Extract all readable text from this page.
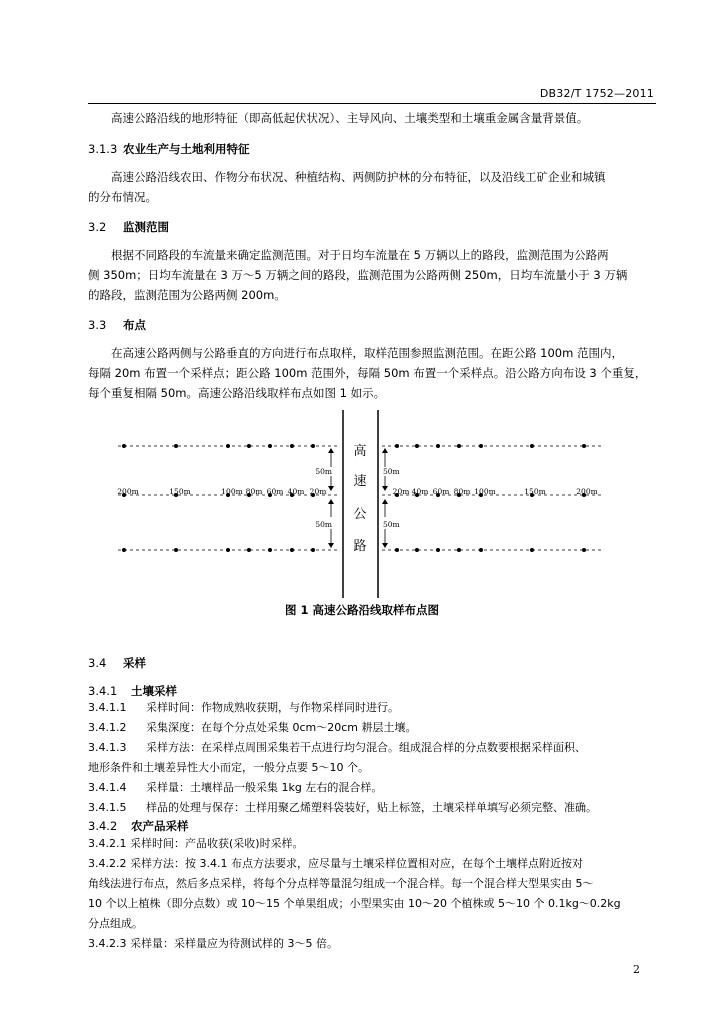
DB32/T 1752—2011
高速公路沿线的地形特征（即高低起伏状况）、主导风向、土壤类型和土壤重金属含量背景值。
3.1.3 农业生产与土地利用特征
高速公路沿线农田、作物分布状况、种植结构、两侧防护林的分布特征，以及沿线工矿企业和城镇
的分布情况。
3.2 监测范围
根据不同路段的车流量来确定监测范围。对于日均车流量在 5 万辆以上的路段，监测范围为公路两
侧 350m；日均车流量在 3 万～5 万辆之间的路段，监测范围为公路两侧 250m，日均车流量小于 3 万辆
的路段，监测范围为公路两侧 200m。
3.3 布点
在高速公路两侧与公路垂直的方向进行布点取样，取样范围参照监测范围。在距公路 100m 范围内，
每隔 20m 布置一个采样点；距公路 100m 范围外，每隔 50m 布置一个采样点。沿公路方向布设 3 个重复，
每个重复相隔 50m。高速公路沿线取样布点如图 1 如示。
高
速
公
路
50m
50m
50m
50m
200m	150m	100m 80m 60m 40m 20m	20m 40m 60m 80m 100m	150m	200m
图 1 高速公路沿线取样布点图
3.4 采样
3.4.1 土壤采样
3.4.1.1 采样时间：作物成熟收获期，与作物采样同时进行。
3.4.1.2 采集深度：在每个分点处采集 0cm～20cm 耕层土壤。
3.4.1.3 采样方法：在采样点周围采集若干点进行均匀混合。组成混合样的分点数要根据采样面积、
地形条件和土壤差异性大小而定，一般分点要 5～10 个。
3.4.1.4 采样量：土壤样品一般采集 1kg 左右的混合样。
3.4.1.5 样品的处理与保存：土样用聚乙烯塑料袋装好，贴上标签，土壤采样单填写必须完整、准确。
3.4.2 农产品采样
3.4.2.1 采样时间：产品收获(采收)时采样。
3.4.2.2 采样方法：按 3.4.1 布点方法要求，应尽量与土壤采样位置相对应，在每个土壤样点附近按对
角线法进行布点，然后多点采样，将每个分点样等量混匀组成一个混合样。每一个混合样大型果实由 5～
10 个以上植株（即分点数）或 10～15 个单果组成；小型果实由 10～20 个植株或 5～10 个 0.1kg～0.2kg
分点组成。
3.4.2.3 采样量：采样量应为待测试样的 3～5 倍。
2
